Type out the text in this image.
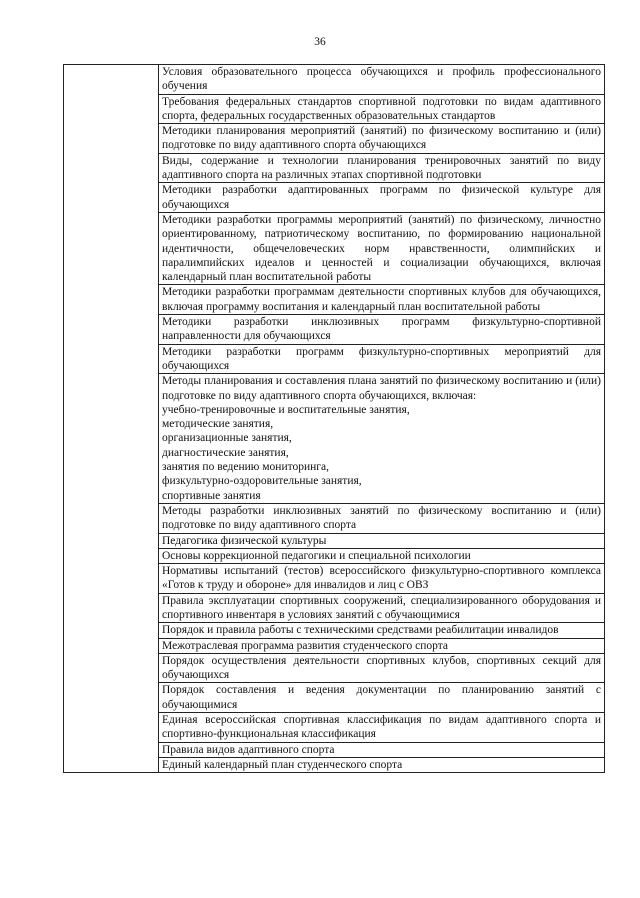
36

Условия образовательного процесса обучающихся и профиль профессионального обучения

Требования федеральных стандартов спортивной подготовки по видам адаптивного спорта, федеральных государственных образовательных стандартов

Методики планирования мероприятий (занятий) по физическому воспитанию и (или) подготовке по виду адаптивного спорта обучающихся

Виды, содержание и технологии планирования тренировочных занятий по виду адаптивного спорта на различных этапах спортивной подготовки

Методики разработки адаптированных программ по физической культуре для обучающихся

Методики разработки программы мероприятий (занятий) по физическому, личностно ориентированному, патриотическому воспитанию, по формированию национальной идентичности, общечеловеческих норм нравственности, олимпийских и паралимпийских идеалов и ценностей и социализации обучающихся, включая календарный план воспитательной работы

Методики разработки программам деятельности спортивных клубов для обучающихся, включая программу воспитания и календарный план воспитательной работы

Методики разработки инклюзивных программ физкультурно-спортивной направленности для обучающихся

Методики разработки программ физкультурно-спортивных мероприятий для обучающихся

Методы планирования и составления плана занятий по физическому воспитанию и (или) подготовке по виду адаптивного спорта обучающихся, включая:
учебно-тренировочные и воспитательные занятия,
методические занятия,
организационные занятия,
диагностические занятия,
занятия по ведению мониторинга,
физкультурно-оздоровительные занятия,
спортивные занятия

Методы разработки инклюзивных занятий по физическому воспитанию и (или) подготовке по виду адаптивного спорта

Педагогика физической культуры

Основы коррекционной педагогики и специальной психологии

Нормативы испытаний (тестов) всероссийского физкультурно-спортивного комплекса «Готов к труду и обороне» для инвалидов и лиц с ОВЗ

Правила эксплуатации спортивных сооружений, специализированного оборудования и спортивного инвентаря в условиях занятий с обучающимися

Порядок и правила работы с техническими средствами реабилитации инвалидов

Межотраслевая программа развития студенческого спорта

Порядок осуществления деятельности спортивных клубов, спортивных секций для обучающихся

Порядок составления и ведения документации по планированию занятий с обучающимися

Единая всероссийская спортивная классификация по видам адаптивного спорта и спортивно-функциональная классификация

Правила видов адаптивного спорта

Единый календарный план студенческого спорта
